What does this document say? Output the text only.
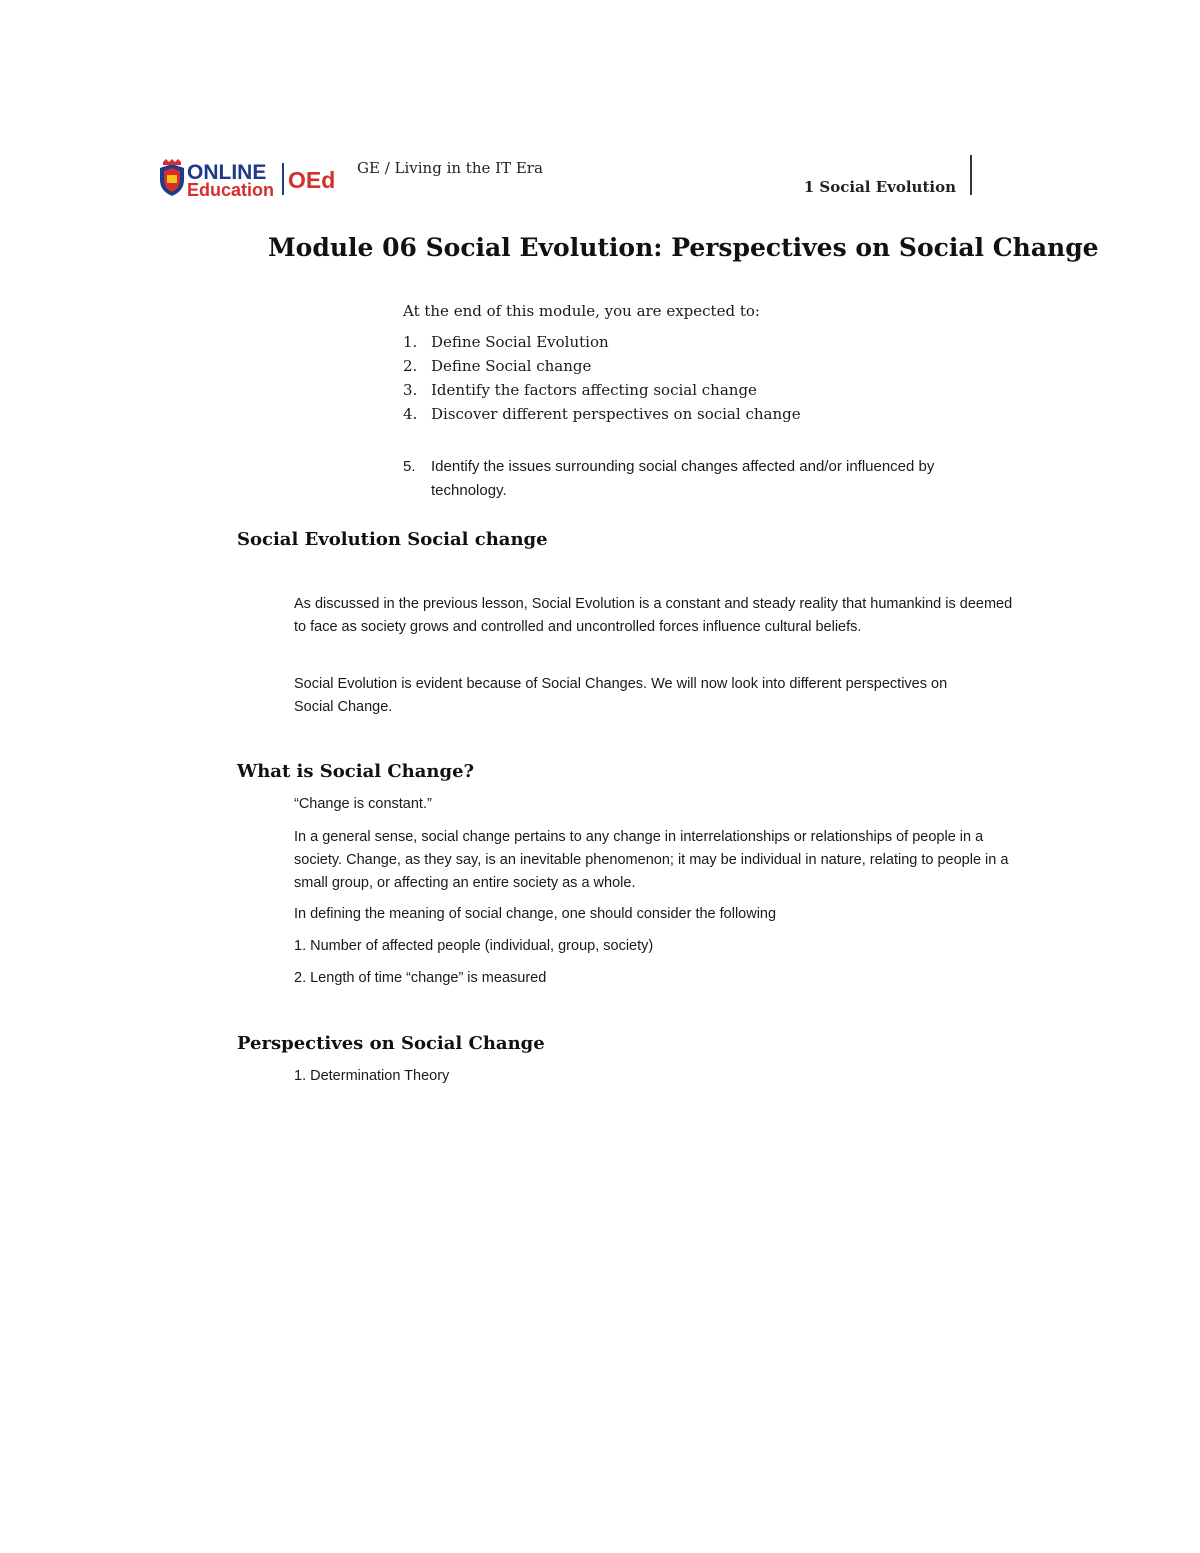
ONLINE
Education OEd GE / Living in the IT Era
1 Social Evolution
Module 06 Social Evolution: Perspectives on Social Change
At the end of this module, you are expected to:
1. Define Social Evolution
2. Define Social change
3. Identify the factors affecting social change
4. Discover different perspectives on social change
5.	Identify the issues surrounding social changes affected and/or influenced by technology.
Social Evolution Social change
As discussed in the previous lesson, Social Evolution is a constant and steady reality that humankind is deemed to face as society grows and controlled and uncontrolled forces influence cultural beliefs.
Social Evolution is evident because of Social Changes. We will now look into different perspectives on Social Change.
What is Social Change?
“Change is constant.”
In a general sense, social change pertains to any change in interrelationships or relationships of people in a society. Change, as they say, is an inevitable phenomenon; it may be individual in nature, relating to people in a small group, or affecting an entire society as a whole.
In defining the meaning of social change, one should consider the following
1. Number of affected people (individual, group, society)
2. Length of time “change” is measured
Perspectives on Social Change
1. Determination Theory
